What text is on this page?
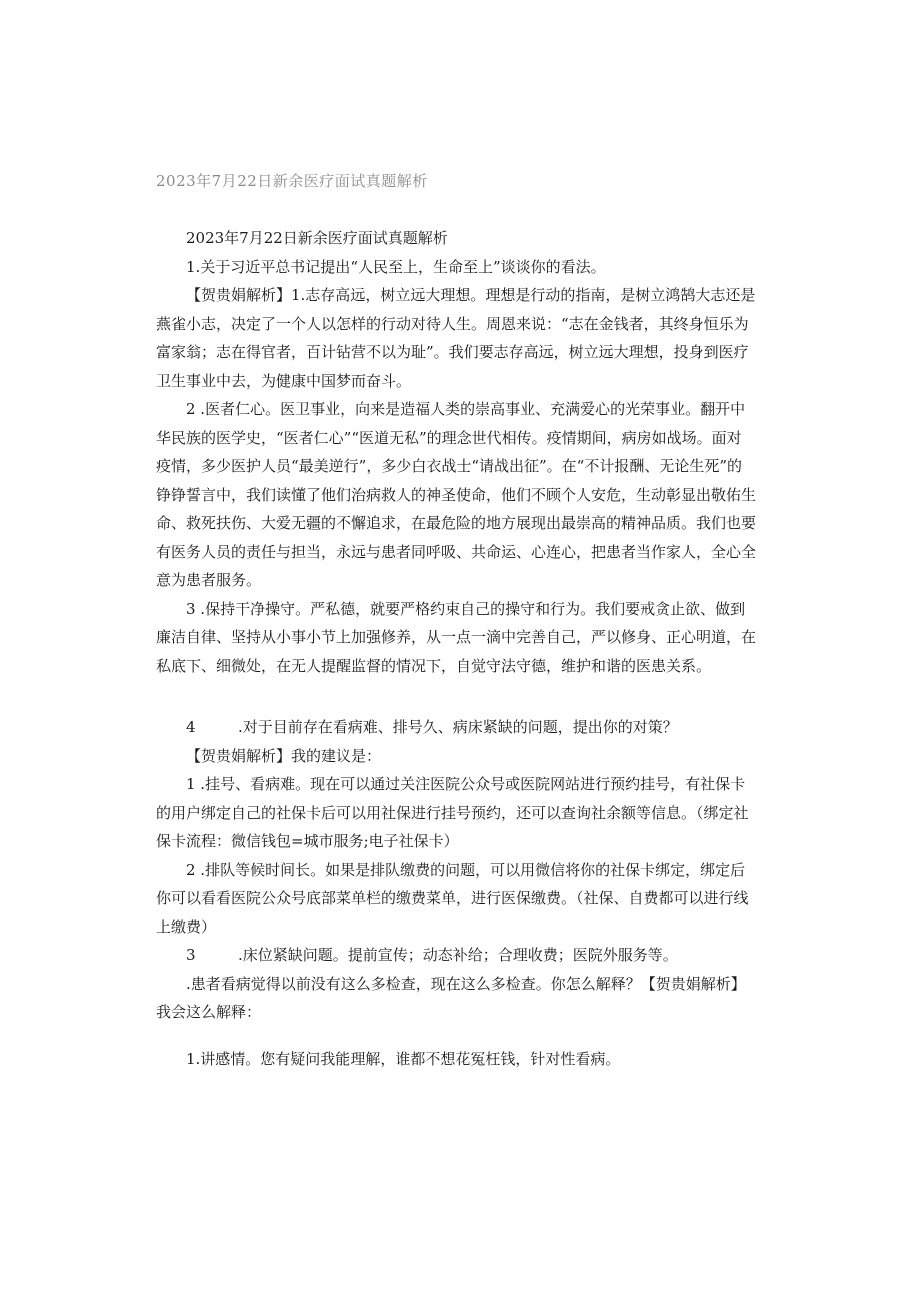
2023年7月22日新余医疗面试真题解析

2023年7月22日新余医疗面试真题解析

1.关于习近平总书记提出“人民至上，生命至上”谈谈你的看法。

【贺贵娟解析】1.志存高远，树立远大理想。理想是行动的指南，是树立鸿鹄大志还是燕雀小志，决定了一个人以怎样的行动对待人生。周恩来说：“志在金钱者，其终身恒乐为富家翁；志在得官者，百计钻营不以为耻”。我们要志存高远，树立远大理想，投身到医疗卫生事业中去，为健康中国梦而奋斗。

2 .医者仁心。医卫事业，向来是造福人类的崇高事业、充满爱心的光荣事业。翻开中华民族的医学史，“医者仁心”“医道无私”的理念世代相传。疫情期间，病房如战场。面对疫情，多少医护人员“最美逆行”，多少白衣战士“请战出征”。在“不计报酬、无论生死”的铮铮誓言中，我们读懂了他们治病救人的神圣使命，他们不顾个人安危，生动彰显出敬佑生命、救死扶伤、大爱无疆的不懈追求，在最危险的地方展现出最崇高的精神品质。我们也要有医务人员的责任与担当，永远与患者同呼吸、共命运、心连心，把患者当作家人，全心全意为患者服务。

3 .保持干净操守。严私德，就要严格约束自己的操守和行为。我们要戒贪止欲、做到廉洁自律、坚持从小事小节上加强修养，从一点一滴中完善自己，严以修身、正心明道，在私底下、细微处，在无人提醒监督的情况下，自觉守法守德，维护和谐的医患关系。

4	.对于目前存在看病难、排号久、病床紧缺的问题，提出你的对策？

【贺贵娟解析】我的建议是：

1 .挂号、看病难。现在可以通过关注医院公众号或医院网站进行预约挂号，有社保卡的用户绑定自己的社保卡后可以用社保进行挂号预约，还可以查询社余额等信息。（绑定社保卡流程：微信钱包=城市服务;电子社保卡）

2 .排队等候时间长。如果是排队缴费的问题，可以用微信将你的社保卡绑定，绑定后你可以看看医院公众号底部菜单栏的缴费菜单，进行医保缴费。（社保、自费都可以进行线上缴费）

3	.床位紧缺问题。提前宣传；动态补给；合理收费；医院外服务等。

.患者看病觉得以前没有这么多检查，现在这么多检查。你怎么解释？【贺贵娟解析】我会这么解释：

1.讲感情。您有疑问我能理解，谁都不想花冤枉钱，针对性看病。
